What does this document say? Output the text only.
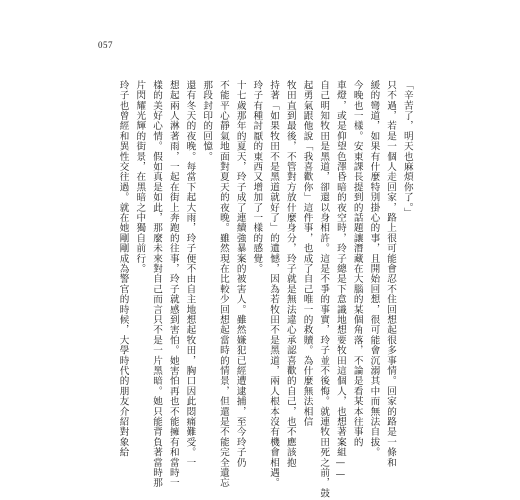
057
「辛苦了，明天也麻煩你了。」
只不過，若是一個人走回家，路上很可能會忍不住回想起很多事情。回家的路是一條和
緩的彎道，如果有什麼特別掛心的事，且開始回想，很可能會沉溺其中而無法自拔。
今晚也一樣。安東課長提到的話題讓潛藏在大腦的某個角落，不論是看某本往事的
車燈，或是仰望色澤昏暗的夜空時，玲子總是下意識地想要牧田這個人，也想著案組——
自己明知牧田是黑道，卻還以身相許。這是不爭的事實，玲子並不後悔。就連牧田死之前，鼓
起勇氣跟他說「我喜歡你」這件事，也成了自己唯一的救贖。為什麼無法相信
牧田直到最後，不管對方放什麼身分，玲子就是無法違心承認喜歡的自己，也不應該抱
持著「如果牧田不是黑道就好了」的遺憾，因為若牧田不是黑道，兩人根本沒有機會相遇。
玲子有種討厭的東西又增加了一樣的感覺。
十七歲那年的夏天，玲子成了連續強暴案的被害人。雖然嫌犯已經遭逮捕，至今玲子仍
不能平心靜氣地面對夏天的夜晚。雖然現在比較少回想起當時的情景，但還是不能完全遺忘
那段封印的回憶。
還有冬天的夜晚。每當下起大雨，玲子便不由自主地想起牧田，胸口因此悶痛難受。一
想起兩人淋著雨，一起在街上奔跑的往事，玲子就感到害怕。她害怕再也不能擁有和當時一
樣的美好心情。假如真是如此，那麼未來對自己而言只不是一片黑暗。她只能背負著當時那
片閃耀光輝的街景，在黑暗之中獨自前行。
玲子也曾經和異性交往過。就在她剛剛成為警官的時候，大學時代的朋友介紹對象給
